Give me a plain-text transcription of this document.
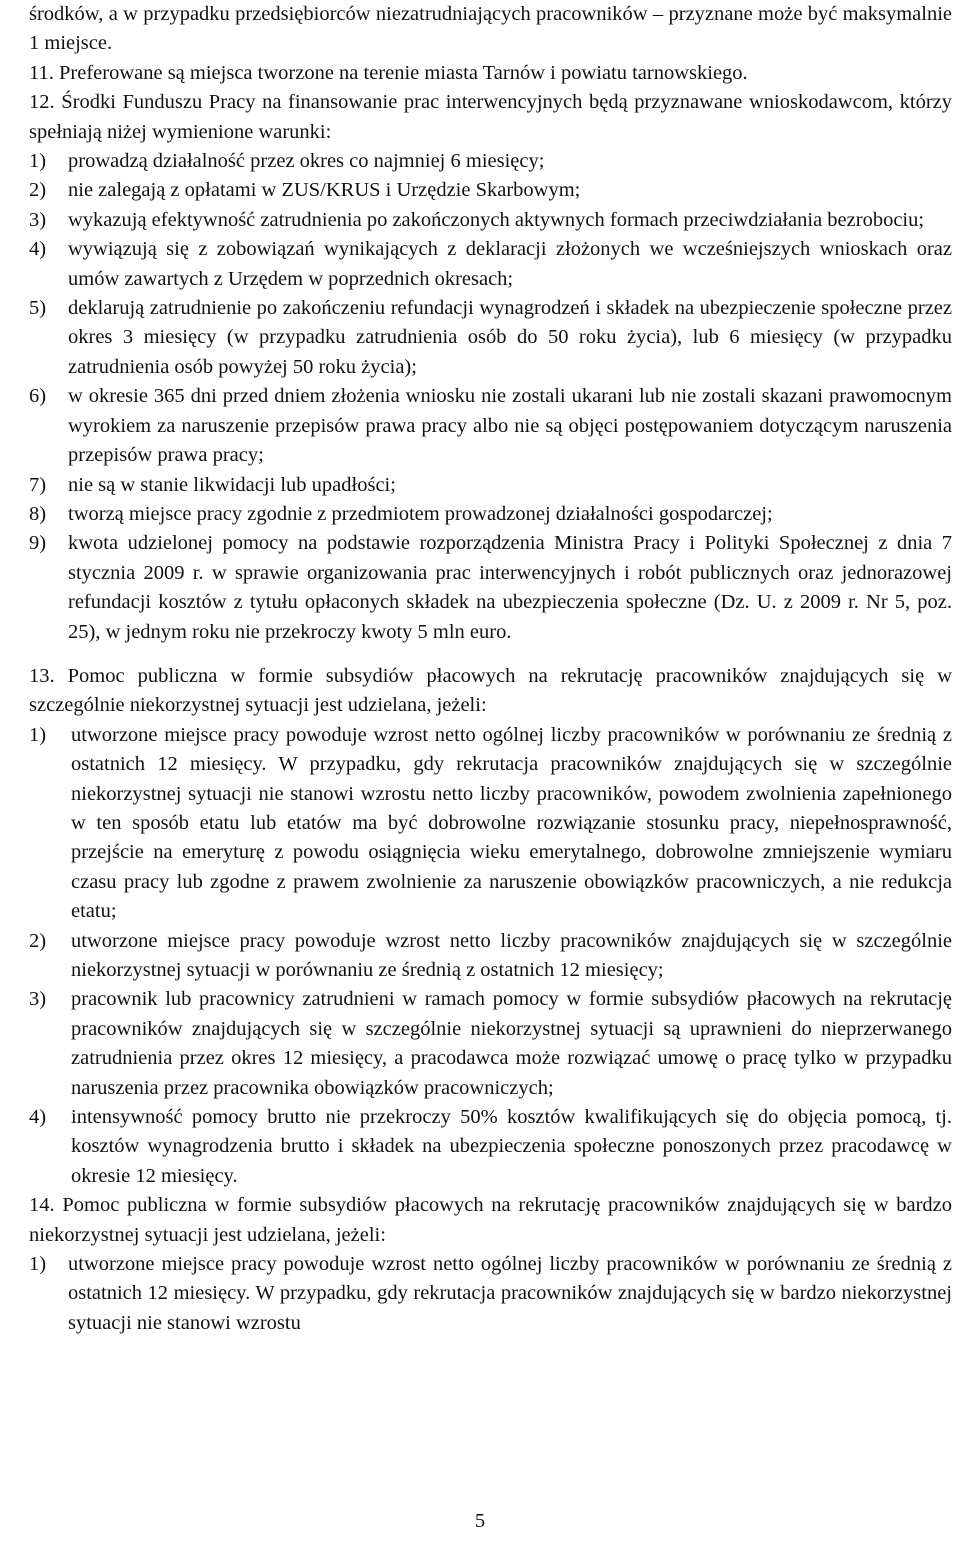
środków, a w przypadku przedsiębiorców niezatrudniających pracowników – przyznane może być maksymalnie 1 miejsce.

11. Preferowane są miejsca tworzone na terenie miasta Tarnów i powiatu tarnowskiego.

12. Środki Funduszu Pracy na finansowanie prac interwencyjnych będą przyznawane wnioskodawcom, którzy spełniają niżej wymienione warunki:

1) prowadzą działalność przez okres co najmniej 6 miesięcy;
2) nie zalegają z opłatami w ZUS/KRUS i Urzędzie Skarbowym;
3) wykazują efektywność zatrudnienia po zakończonych aktywnych formach przeciwdziałania bezrobociu;
4) wywiązują się z zobowiązań wynikających z deklaracji złożonych we wcześniejszych wnioskach oraz umów zawartych z Urzędem w poprzednich okresach;
5) deklarują zatrudnienie po zakończeniu refundacji wynagrodzeń i składek na ubezpieczenie społeczne przez okres 3 miesięcy (w przypadku zatrudnienia osób do 50 roku życia), lub 6 miesięcy (w przypadku zatrudnienia osób powyżej 50 roku życia);
6) w okresie 365 dni przed dniem złożenia wniosku nie zostali ukarani lub nie zostali skazani prawomocnym wyrokiem za naruszenie przepisów prawa pracy albo nie są objęci postępowaniem dotyczącym naruszenia przepisów prawa pracy;
7) nie są w stanie likwidacji lub upadłości;
8) tworzą miejsce pracy zgodnie z przedmiotem prowadzonej działalności gospodarczej;
9) kwota udzielonej pomocy na podstawie rozporządzenia Ministra Pracy i Polityki Społecznej z dnia 7 stycznia 2009 r. w sprawie organizowania prac interwencyjnych i robót publicznych oraz jednorazowej refundacji kosztów z tytułu opłaconych składek na ubezpieczenia społeczne (Dz. U. z 2009 r. Nr 5, poz. 25), w jednym roku nie przekroczy kwoty 5 mln euro.

13. Pomoc publiczna w formie subsydiów płacowych na rekrutację pracowników znajdujących się w szczególnie niekorzystnej sytuacji jest udzielana, jeżeli:

1) utworzone miejsce pracy powoduje wzrost netto ogólnej liczby pracowników w porównaniu ze średnią z ostatnich 12 miesięcy. W przypadku, gdy rekrutacja pracowników znajdujących się w szczególnie niekorzystnej sytuacji nie stanowi wzrostu netto liczby pracowników, powodem zwolnienia zapełnionego w ten sposób etatu lub etatów ma być dobrowolne rozwiązanie stosunku pracy, niepełnosprawność, przejście na emeryturę z powodu osiągnięcia wieku emerytalnego, dobrowolne zmniejszenie wymiaru czasu pracy lub zgodne z prawem zwolnienie za naruszenie obowiązków pracowniczych, a nie redukcja etatu;
2) utworzone miejsce pracy powoduje wzrost netto liczby pracowników znajdujących się w szczególnie niekorzystnej sytuacji w porównaniu ze średnią z ostatnich 12 miesięcy;
3) pracownik lub pracownicy zatrudnieni w ramach pomocy w formie subsydiów płacowych na rekrutację pracowników znajdujących się w szczególnie niekorzystnej sytuacji są uprawnieni do nieprzerwanego zatrudnienia przez okres 12 miesięcy, a pracodawca może rozwiązać umowę o pracę tylko w przypadku naruszenia przez pracownika obowiązków pracowniczych;
4) intensywność pomocy brutto nie przekroczy 50% kosztów kwalifikujących się do objęcia pomocą, tj. kosztów wynagrodzenia brutto i składek na ubezpieczenia społeczne ponoszonych przez pracodawcę w okresie 12 miesięcy.

14. Pomoc publiczna w formie subsydiów płacowych na rekrutację pracowników znajdujących się w bardzo niekorzystnej sytuacji jest udzielana, jeżeli:

1) utworzone miejsce pracy powoduje wzrost netto ogólnej liczby pracowników w porównaniu ze średnią z ostatnich 12 miesięcy. W przypadku, gdy rekrutacja pracowników znajdujących się w bardzo niekorzystnej sytuacji nie stanowi wzrostu
5
